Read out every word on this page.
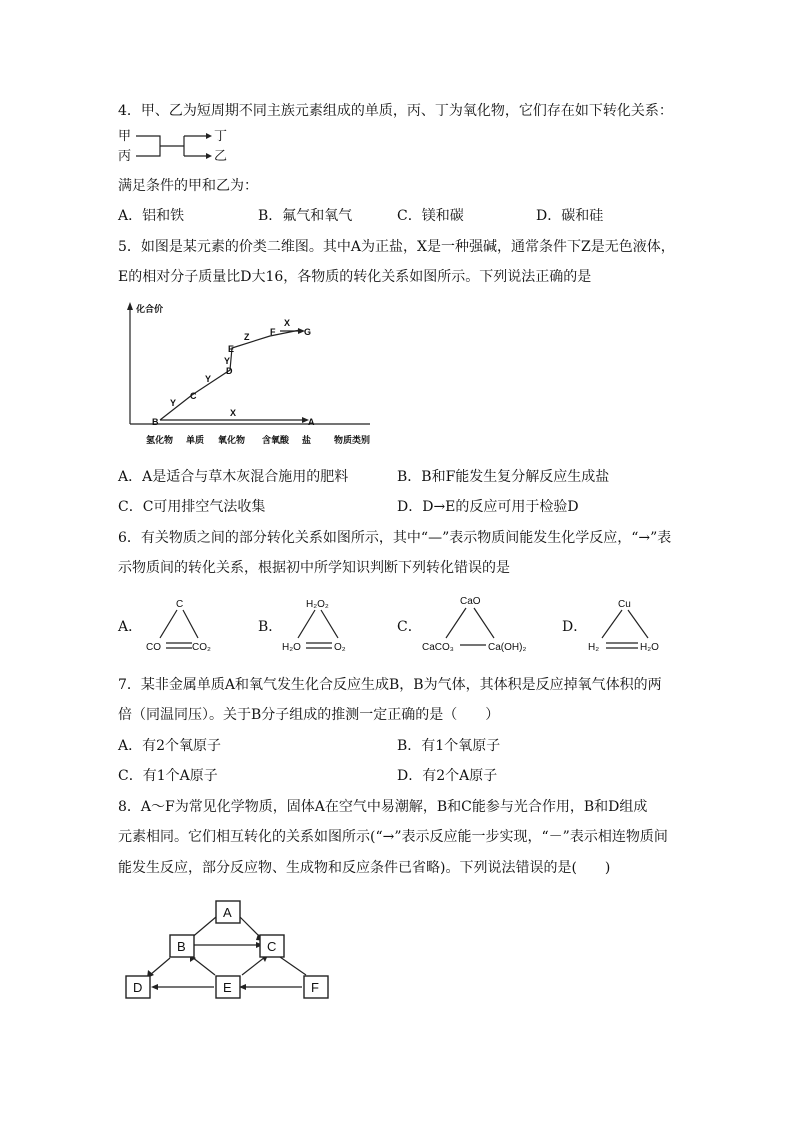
4．甲、乙为短周期不同主族元素组成的单质，丙、丁为氧化物，它们存在如下转化关系：
甲
丙
丁
乙
满足条件的甲和乙为：
A．铝和铁	B．氟气和氧气	C．镁和碳	D．碳和硅
5．如图是某元素的价类二维图。其中A为正盐，X是一种强碱，通常条件下Z是无色液体，
E的相对分子质量比D大16，各物质的转化关系如图所示。下列说法正确的是
化合价
氢化物 单质 氧化物 含氧酸 盐	物质类别
B
C
D
E
F	G
A
Y
Y
Y
Z
X
X
A．A是适合与草木灰混合施用的肥料	B．B和F能发生复分解反应生成盐
C．C可用排空气法收集	D．D→E的反应可用于检验D
6．有关物质之间的部分转化关系如图所示，其中“—”表示物质间能发生化学反应，“→”表
示物质间的转化关系，根据初中所学知识判断下列转化错误的是
A．
C
CO	CO₂
B．
H₂O₂
H₂O	O₂
C．
CaO
CaCO₃	Ca(OH)₂
D．
Cu
H₂	H₂O
7．某非金属单质A和氧气发生化合反应生成B，B为气体，其体积是反应掉氧气体积的两
倍（同温同压）。关于B分子组成的推测一定正确的是（　　）
A．有2个氧原子	B．有1个氧原子
C．有1个A原子	D．有2个A原子
8．A～F为常见化学物质，固体A在空气中易潮解，B和C能参与光合作用，B和D组成
元素相同。它们相互转化的关系如图所示(“→”表示反应能一步实现，“－”表示相连物质间
能发生反应，部分反应物、生成物和反应条件已省略)。下列说法错误的是(　　)
A
B	C
D	E	F
